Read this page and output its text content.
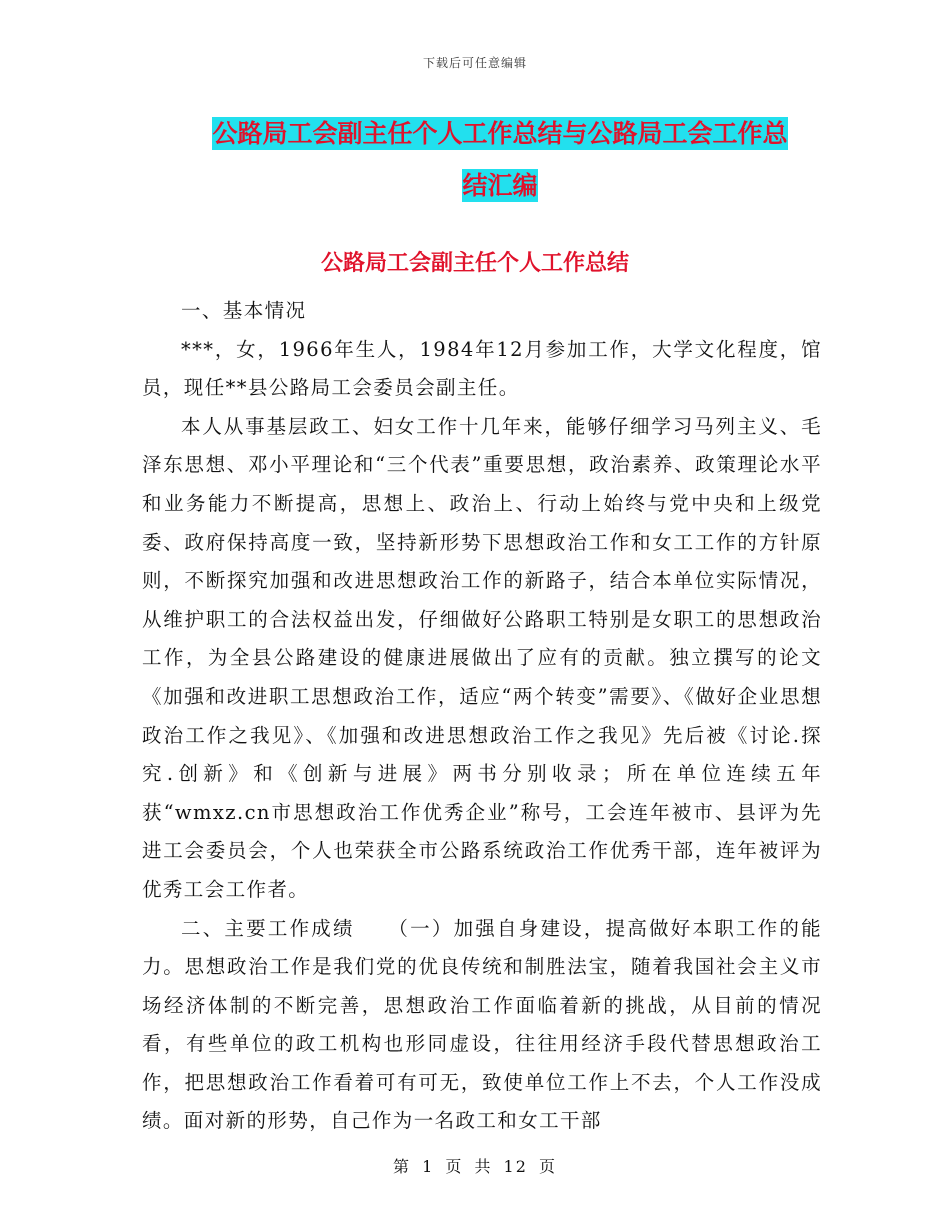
下载后可任意编辑
公路局工会副主任个人工作总结与公路局工会工作总
结汇编
公路局工会副主任个人工作总结

一、基本情况

***，女，1966年生人，1984年12月参加工作，大学文化程度，馆员，现任**县公路局工会委员会副主任。

本人从事基层政工、妇女工作十几年来，能够仔细学习马列主义、毛泽东思想、邓小平理论和“三个代表”重要思想，政治素养、政策理论水平和业务能力不断提高，思想上、政治上、行动上始终与党中央和上级党委、政府保持高度一致，坚持新形势下思想政治工作和女工工作的方针原则，不断探究加强和改进思想政治工作的新路子，结合本单位实际情况，从维护职工的合法权益出发，仔细做好公路职工特别是女职工的思想政治工作，为全县公路建设的健康进展做出了应有的贡献。独立撰写的论文《加强和改进职工思想政治工作，适应“两个转变”需要》、《做好企业思想政治工作之我见》、《加强和改进思想政治工作之我见》先后被《讨论.探究.创新》和《创新与进展》两书分别收录；所在单位连续五年获“wmxz.cn市思想政治工作优秀企业”称号，工会连年被市、县评为先进工会委员会，个人也荣获全市公路系统政治工作优秀干部，连年被评为优秀工会工作者。

二、主要工作成绩　　（一）加强自身建设，提高做好本职工作的能力。思想政治工作是我们党的优良传统和制胜法宝，随着我国社会主义市场经济体制的不断完善，思想政治工作面临着新的挑战，从目前的情况看，有些单位的政工机构也形同虚设，往往用经济手段代替思想政治工作，把思想政治工作看着可有可无，致使单位工作上不去，个人工作没成绩。面对新的形势，自己作为一名政工和女工干部

第 1 页 共 12 页
